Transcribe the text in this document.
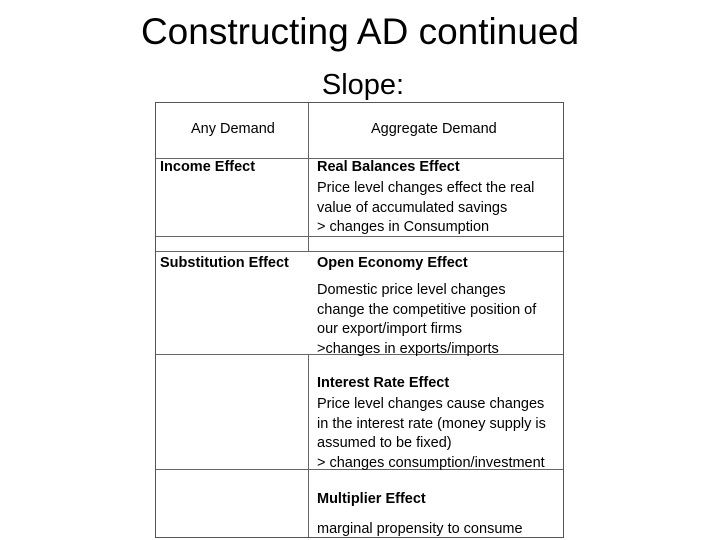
Constructing AD continued
Slope:
Any Demand	Aggregate Demand
Income Effect	Real Balances Effect
Price level changes effect the real
value of accumulated savings
> changes in Consumption
Substitution Effect Open Economy Effect
Domestic price level changes
change the competitive position of
our export/import firms
>changes in exports/imports
Interest Rate Effect
Price level changes cause changes
in the interest rate (money supply is
assumed to be fixed)
> changes consumption/investment
Multiplier Effect
marginal propensity to consume
